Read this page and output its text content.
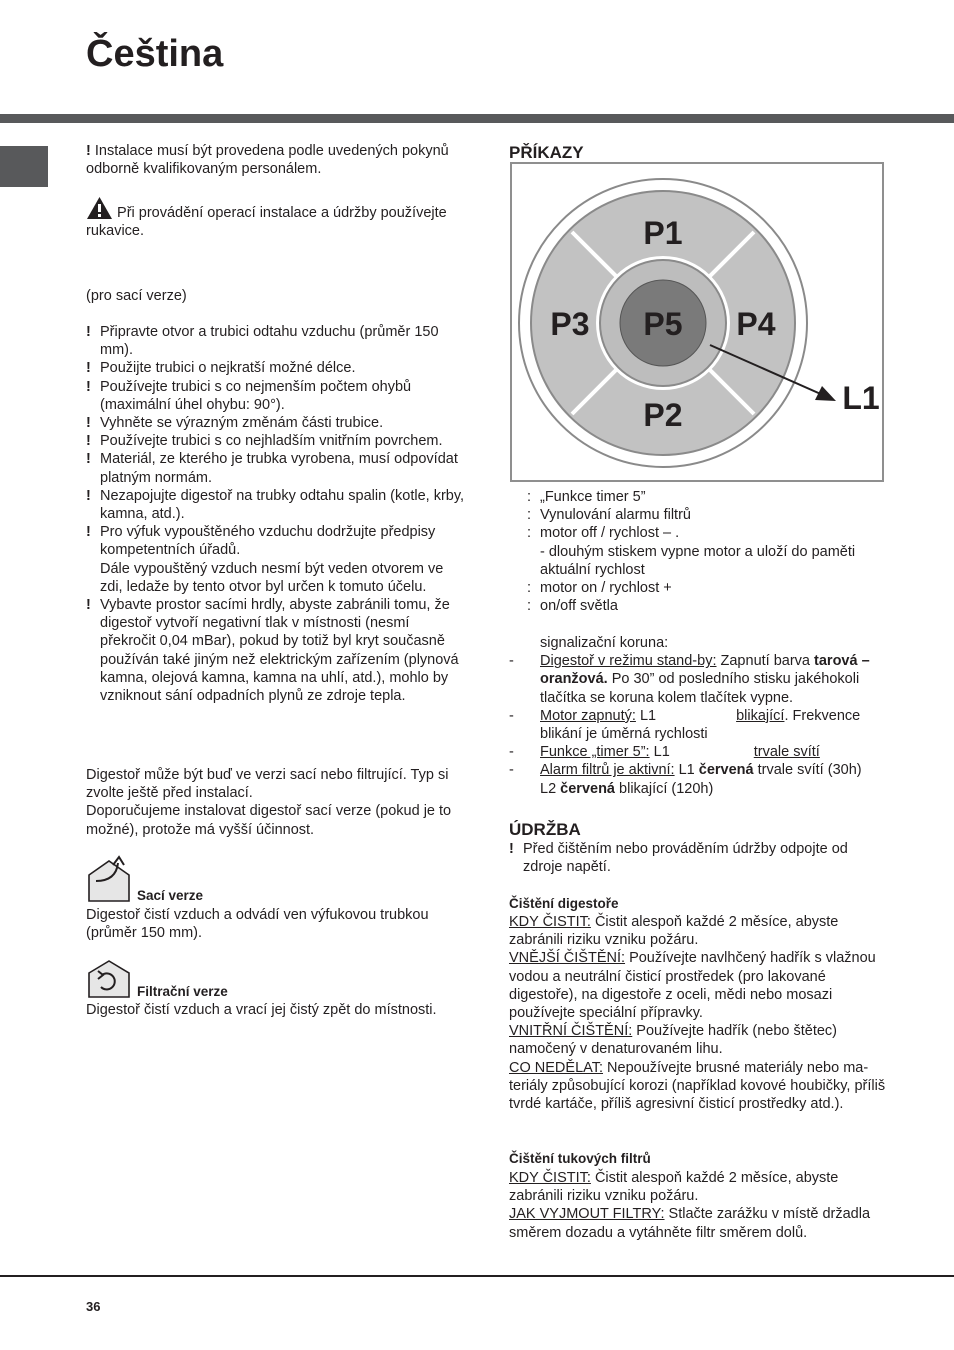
Čeština
! Instalace musí být provedena podle uvedených pokynů odborně kvalifikovaným personálem.
Při provádění operací instalace a údržby používejte rukavice.
(pro sací verze)
! Připravte otvor a trubici odtahu vzduchu (průměr 150 mm).
! Použijte trubici o nejkratší možné délce.
! Používejte trubici s co nejmenším počtem ohybů (maximální úhel ohybu: 90°).
! Vyhněte se výrazným změnám části trubice.
! Používejte trubici s co nejhladším vnitřním povrchem.
! Materiál, ze kterého je trubka vyrobena, musí odpovídat platným normám.
! Nezapojujte digestoř na trubky odtahu spalin (kotle, krby, kamna, atd.).
! Pro výfuk vypouštěného vzduchu dodržujte předpisy kompetentních úřadů.
Dále vypouštěný vzduch nesmí být veden otvorem ve zdi, ledaže by tento otvor byl určen k tomuto účelu.
! Vybavte prostor sacími hrdly, abyste zabránili tomu, že digestoř vytvoří negativní tlak v místnosti (nesmí překročit 0,04 mBar), pokud by totiž byl kryt současně používán také jiným než elektrickým zařízením (plynová kamna, olejová kamna, kamna na uhlí, atd.), mohlo by vzniknout sání odpadních plynů ze zdroje tepla.
Digestoř může být buď ve verzi sací nebo filtrující. Typ si zvolte ještě před instalací.
Doporučujeme instalovat digestoř sací verze (pokud je to možné), protože má vyšší účinnost.
Sací verze
Digestoř čistí vzduch a odvádí ven výfukovou trubkou (průměr 150 mm).
Filtrační verze
Digestoř čistí vzduch a vrací jej čistý zpět do místnosti.
PŘÍKAZY
P1
P2
P3	P4
P5
L1
: „Funkce timer 5”
: Vynulování alarmu filtrů
: motor off / rychlost – .
- dlouhým stiskem vypne motor a uloží do paměti aktuální rychlost
: motor on / rychlost +
: on/off světla
signalizační koruna:
- Digestoř v režimu stand-by: Zapnutí barva tarová – oranžová. Po 30” od posledního stisku jakéhokoli tlačítka se koruna kolem tlačítek vypne.
- Motor zapnutý: L1	blikající. Frekvence blikání je úměrná rychlosti
- Funkce „timer 5”: L1	trvale svítí
- Alarm filtrů je aktivní: L1 červená trvale svítí (30h)
L2 červená blikající (120h)
ÚDRŽBA
! Před čištěním nebo prováděním údržby odpojte od zdroje napětí.
Čištění digestoře
KDY ČISTIT: Čistit alespoň každé 2 měsíce, abyste zabránili riziku vzniku požáru.
VNĚJŠÍ ČIŠTĚNÍ: Používejte navlhčený hadřík s vlažnou vodou a neutrální čisticí prostředek (pro lakované digestoře), na digestoře z oceli, mědi nebo mosazi používejte speciální přípravky.
VNITŘNÍ ČIŠTĚNÍ: Používejte hadřík (nebo štětec) namočený v denaturovaném lihu.
CO NEDĚLAT: Nepoužívejte brusné materiály nebo ma- teriály způsobující korozi (například kovové houbičky, příliš tvrdé kartáče, příliš agresivní čisticí prostředky atd.).
Čištění tukových filtrů
KDY ČISTIT: Čistit alespoň každé 2 měsíce, abyste zabránili riziku vzniku požáru.
JAK VYJMOUT FILTRY: Stlačte zarážku v místě držadla směrem dozadu a vytáhněte filtr směrem dolů.
36
